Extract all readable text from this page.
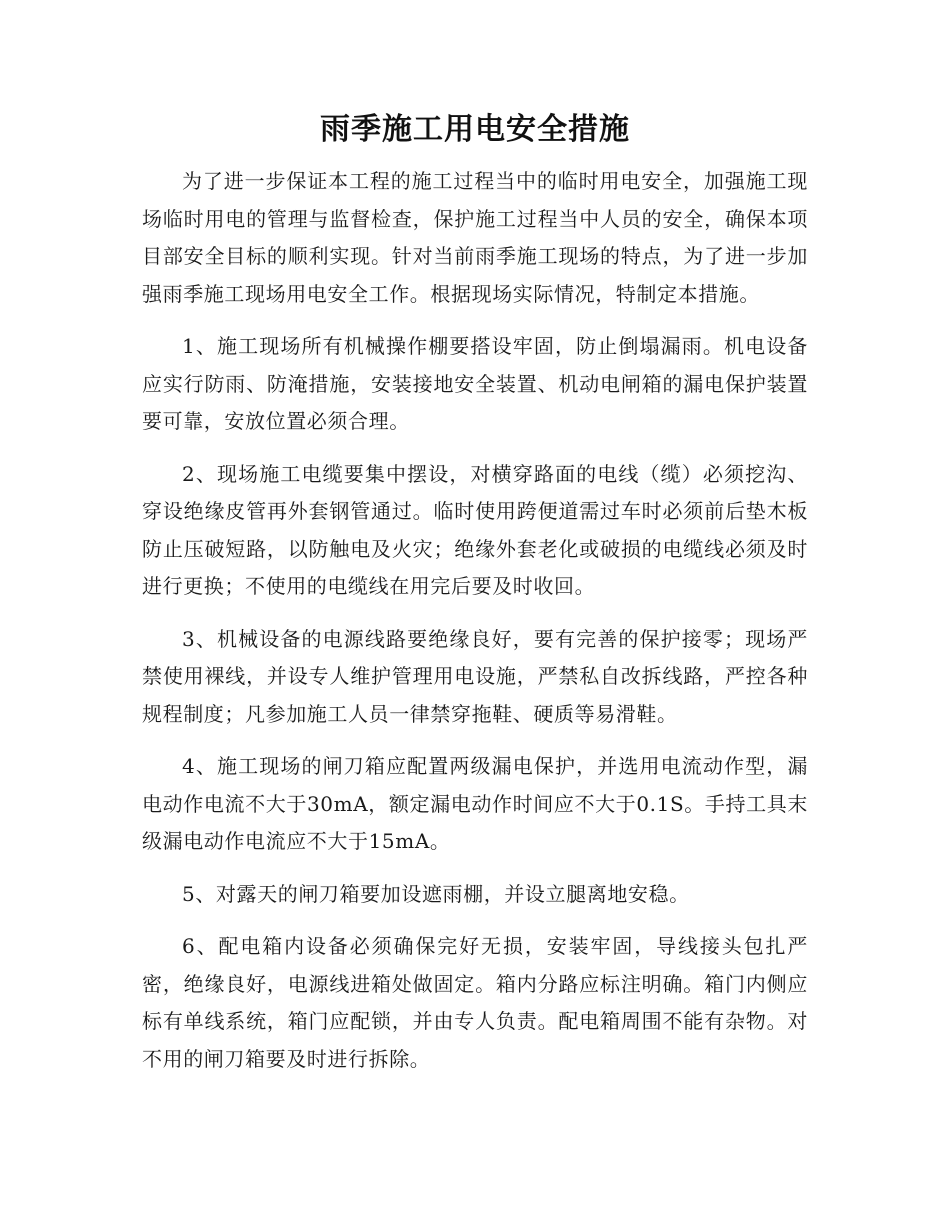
雨季施工用电安全措施

为了进一步保证本工程的施工过程当中的临时用电安全，加强施工现场临时用电的管理与监督检查，保护施工过程当中人员的安全，确保本项目部安全目标的顺利实现。针对当前雨季施工现场的特点，为了进一步加强雨季施工现场用电安全工作。根据现场实际情况，特制定本措施。

1、施工现场所有机械操作棚要搭设牢固，防止倒塌漏雨。机电设备应实行防雨、防淹措施，安装接地安全装置、机动电闸箱的漏电保护装置要可靠，安放位置必须合理。

2、现场施工电缆要集中摆设，对横穿路面的电线（缆）必须挖沟、穿设绝缘皮管再外套钢管通过。临时使用跨便道需过车时必须前后垫木板防止压破短路，以防触电及火灾；绝缘外套老化或破损的电缆线必须及时进行更换；不使用的电缆线在用完后要及时收回。

3、机械设备的电源线路要绝缘良好，要有完善的保护接零；现场严禁使用裸线，并设专人维护管理用电设施，严禁私自改拆线路，严控各种规程制度；凡参加施工人员一律禁穿拖鞋、硬质等易滑鞋。

4、施工现场的闸刀箱应配置两级漏电保护，并选用电流动作型，漏电动作电流不大于30mA，额定漏电动作时间应不大于0.1S。手持工具末级漏电动作电流应不大于15mA。

5、对露天的闸刀箱要加设遮雨棚，并设立腿离地安稳。

6、配电箱内设备必须确保完好无损，安装牢固，导线接头包扎严密，绝缘良好，电源线进箱处做固定。箱内分路应标注明确。箱门内侧应标有单线系统，箱门应配锁，并由专人负责。配电箱周围不能有杂物。对不用的闸刀箱要及时进行拆除。
